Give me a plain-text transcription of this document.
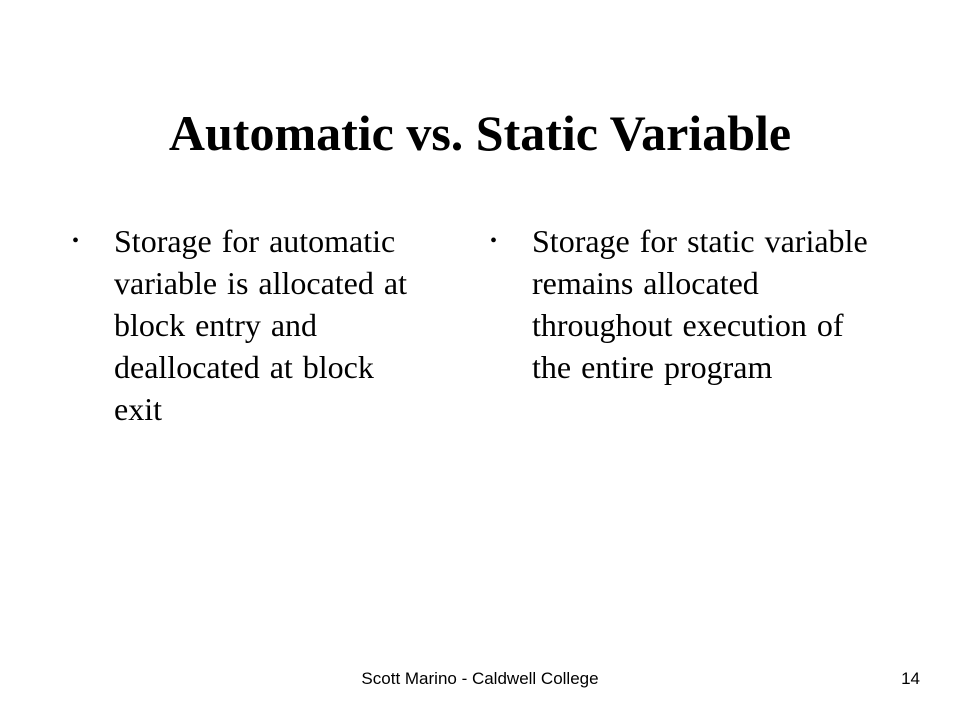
Automatic vs. Static Variable
•	Storage for automatic variable is allocated at block entry and deallocated at block exit
•	Storage for static variable remains allocated throughout execution of the entire program
Scott Marino - Caldwell College	14
